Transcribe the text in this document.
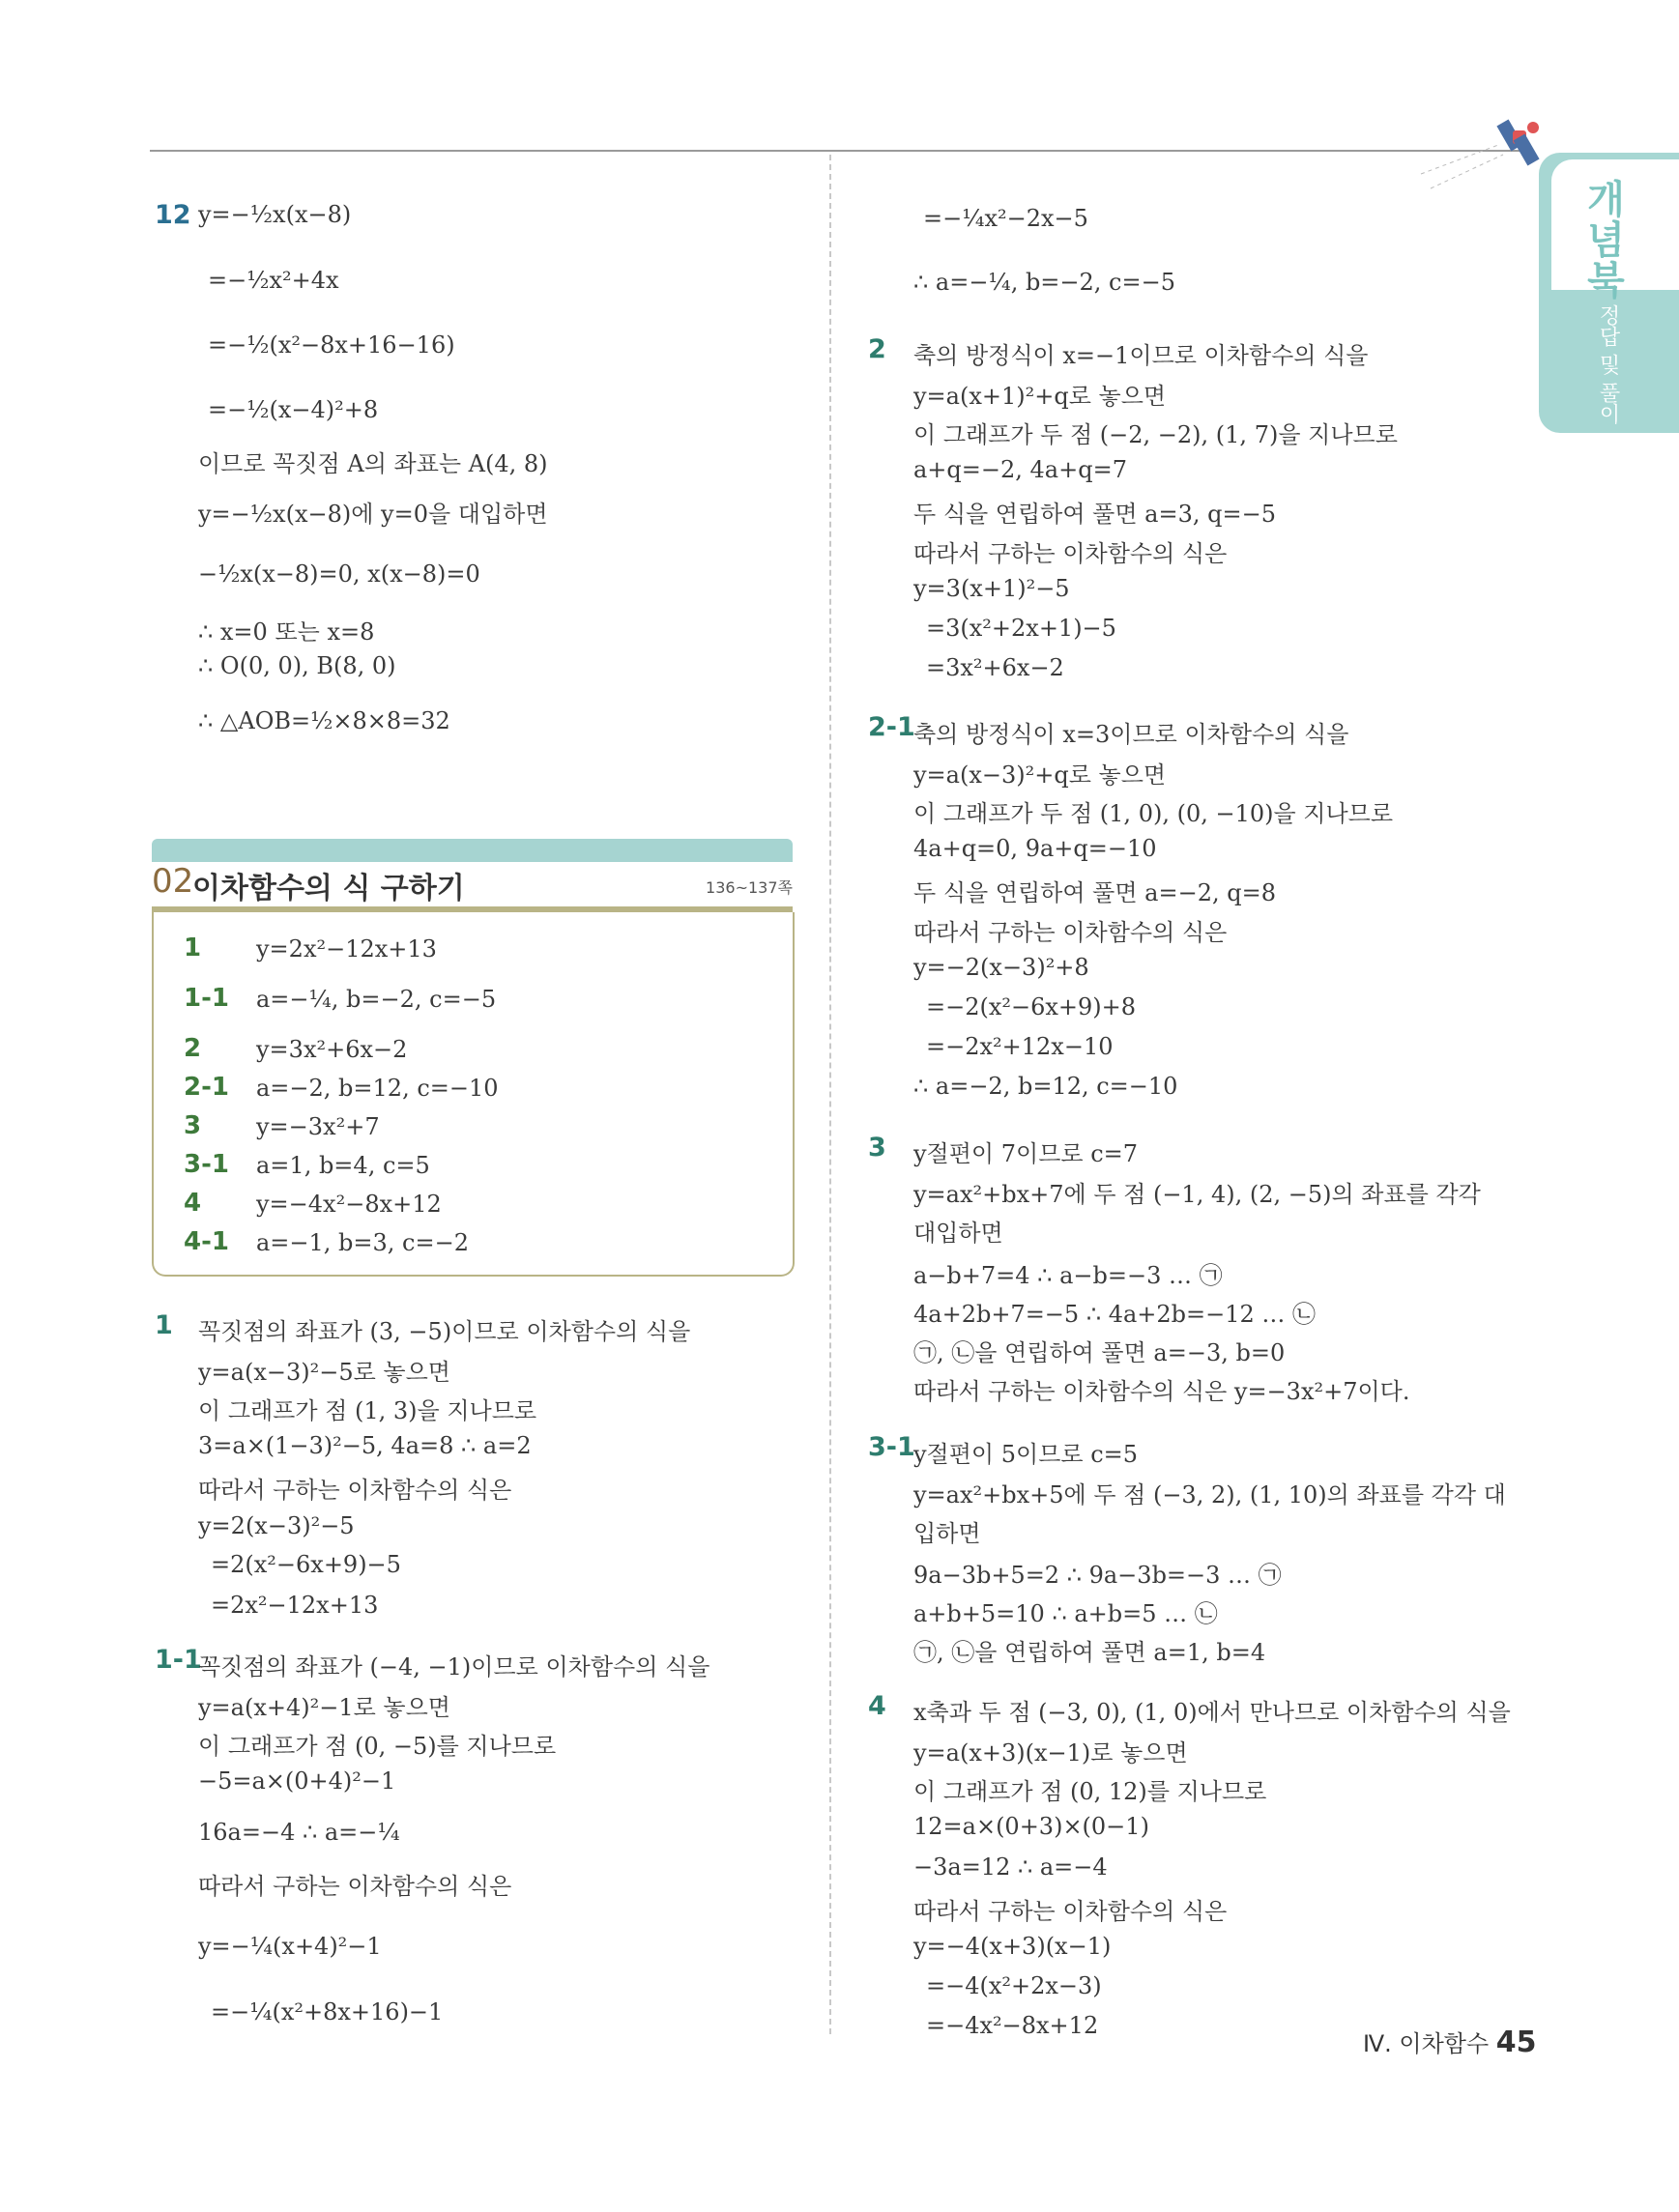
개념북
정답 및 풀이
12 y=−½x(x−8)
=−½x²+4x
=−½(x²−8x+16−16)
=−½(x−4)²+8
이므로 꼭짓점 A의 좌표는 A(4, 8)
y=−½x(x−8)에 y=0을 대입하면
−½x(x−8)=0, x(x−8)=0
∴ x=0 또는 x=8
∴ O(0, 0), B(8, 0)
∴ △AOB=½×8×8=32
02
이차함수의 식 구하기	136~137쪽
1 y=2x²−12x+13
1-1 a=−¼, b=−2, c=−5
2 y=3x²+6x−2
2-1 a=−2, b=12, c=−10
3 y=−3x²+7
3-1 a=1, b=4, c=5
4 y=−4x²−8x+12
4-1 a=−1, b=3, c=−2
1 꼭짓점의 좌표가 (3, −5)이므로 이차함수의 식을
y=a(x−3)²−5로 놓으면
이 그래프가 점 (1, 3)을 지나므로
3=a×(1−3)²−5, 4a=8 ∴ a=2
따라서 구하는 이차함수의 식은
y=2(x−3)²−5
=2(x²−6x+9)−5
=2x²−12x+13
1-1
꼭짓점의 좌표가 (−4, −1)이므로 이차함수의 식을
y=a(x+4)²−1로 놓으면
이 그래프가 점 (0, −5)를 지나므로
−5=a×(0+4)²−1
16a=−4 ∴ a=−¼
따라서 구하는 이차함수의 식은
y=−¼(x+4)²−1
=−¼(x²+8x+16)−1
=−¼x²−2x−5
∴ a=−¼, b=−2, c=−5
2 축의 방정식이 x=−1이므로 이차함수의 식을
y=a(x+1)²+q로 놓으면
이 그래프가 두 점 (−2, −2), (1, 7)을 지나므로
a+q=−2, 4a+q=7
두 식을 연립하여 풀면 a=3, q=−5
따라서 구하는 이차함수의 식은
y=3(x+1)²−5
=3(x²+2x+1)−5
=3x²+6x−2
2-1
축의 방정식이 x=3이므로 이차함수의 식을
y=a(x−3)²+q로 놓으면
이 그래프가 두 점 (1, 0), (0, −10)을 지나므로
4a+q=0, 9a+q=−10
두 식을 연립하여 풀면 a=−2, q=8
따라서 구하는 이차함수의 식은
y=−2(x−3)²+8
=−2(x²−6x+9)+8
=−2x²+12x−10
∴ a=−2, b=12, c=−10
3 y절편이 7이므로 c=7
y=ax²+bx+7에 두 점 (−1, 4), (2, −5)의 좌표를 각각
대입하면
a−b+7=4 ∴ a−b=−3 … ㉠
4a+2b+7=−5 ∴ 4a+2b=−12 … ㉡
㉠, ㉡을 연립하여 풀면 a=−3, b=0
따라서 구하는 이차함수의 식은 y=−3x²+7이다.
3-1
y절편이 5이므로 c=5
y=ax²+bx+5에 두 점 (−3, 2), (1, 10)의 좌표를 각각 대
입하면
9a−3b+5=2 ∴ 9a−3b=−3 … ㉠
a+b+5=10 ∴ a+b=5 … ㉡
㉠, ㉡을 연립하여 풀면 a=1, b=4
4 x축과 두 점 (−3, 0), (1, 0)에서 만나므로 이차함수의 식을
y=a(x+3)(x−1)로 놓으면
이 그래프가 점 (0, 12)를 지나므로
12=a×(0+3)×(0−1)
−3a=12 ∴ a=−4
따라서 구하는 이차함수의 식은
y=−4(x+3)(x−1)
=−4(x²+2x−3)
=−4x²−8x+12
Ⅳ. 이차함수 45
